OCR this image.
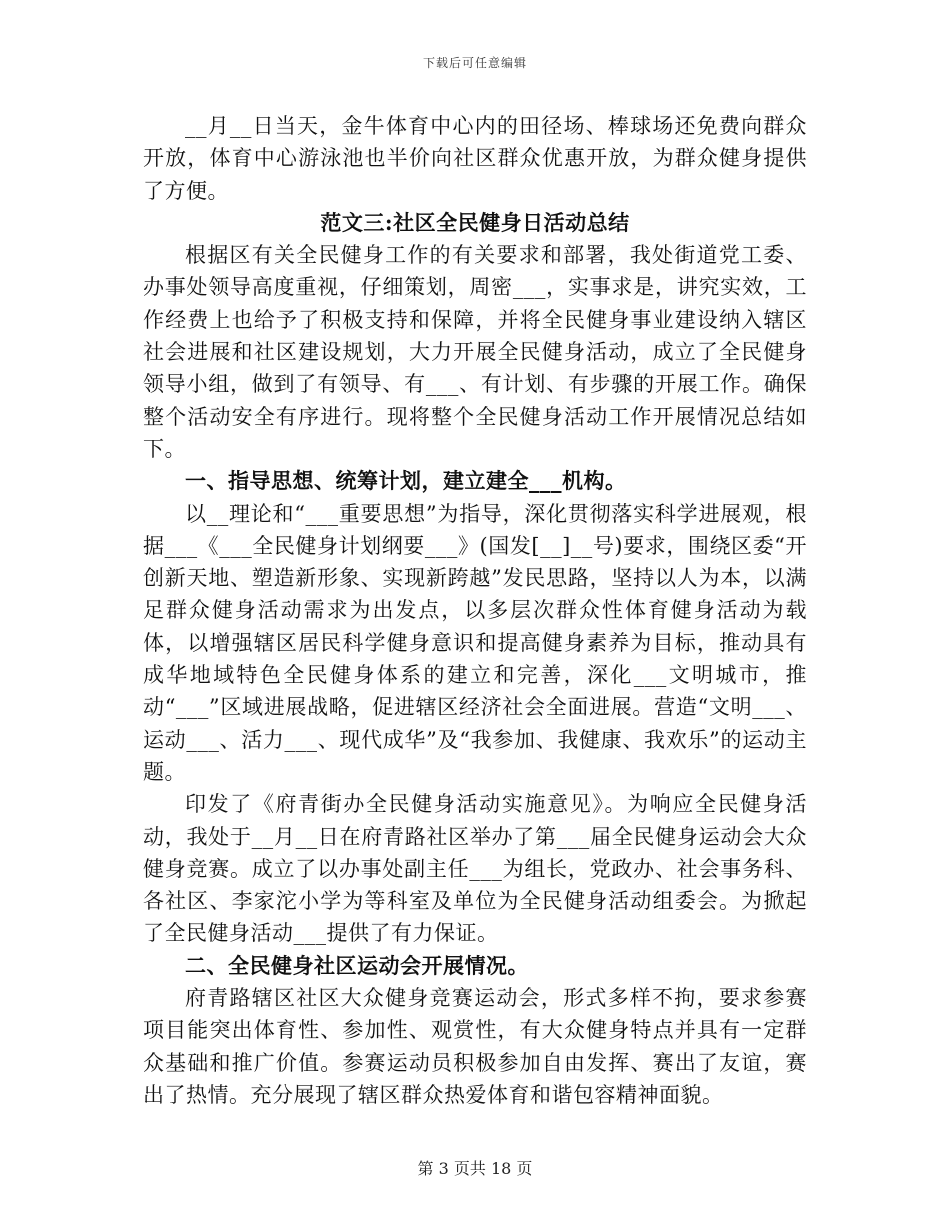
下载后可任意编辑

__月__日当天，金牛体育中心内的田径场、棒球场还免费向群众开放，体育中心游泳池也半价向社区群众优惠开放，为群众健身提供了方便。

范文三:社区全民健身日活动总结

根据区有关全民健身工作的有关要求和部署，我处街道党工委、办事处领导高度重视，仔细策划，周密___，实事求是，讲究实效，工作经费上也给予了积极支持和保障，并将全民健身事业建设纳入辖区社会进展和社区建设规划，大力开展全民健身活动，成立了全民健身领导小组，做到了有领导、有___、有计划、有步骤的开展工作。确保整个活动安全有序进行。现将整个全民健身活动工作开展情况总结如下。

一、指导思想、统筹计划，建立建全___机构。

以__理论和“___重要思想”为指导，深化贯彻落实科学进展观，根据___《___全民健身计划纲要___》(国发[__]__号)要求，围绕区委“开创新天地、塑造新形象、实现新跨越”发民思路，坚持以人为本，以满足群众健身活动需求为出发点，以多层次群众性体育健身活动为载体，以增强辖区居民科学健身意识和提高健身素养为目标，推动具有成华地域特色全民健身体系的建立和完善，深化___文明城市，推动“___”区域进展战略，促进辖区经济社会全面进展。营造“文明___、运动___、活力___、现代成华”及“我参加、我健康、我欢乐”的运动主题。

印发了《府青街办全民健身活动实施意见》。为响应全民健身活动，我处于__月__日在府青路社区举办了第___届全民健身运动会大众健身竞赛。成立了以办事处副主任___为组长，党政办、社会事务科、各社区、李家沱小学为等科室及单位为全民健身活动组委会。为掀起了全民健身活动___提供了有力保证。

二、全民健身社区运动会开展情况。

府青路辖区社区大众健身竞赛运动会，形式多样不拘，要求参赛项目能突出体育性、参加性、观赏性，有大众健身特点并具有一定群众基础和推广价值。参赛运动员积极参加自由发挥、赛出了友谊，赛出了热情。充分展现了辖区群众热爱体育和谐包容精神面貌。

第 3 页共 18 页
